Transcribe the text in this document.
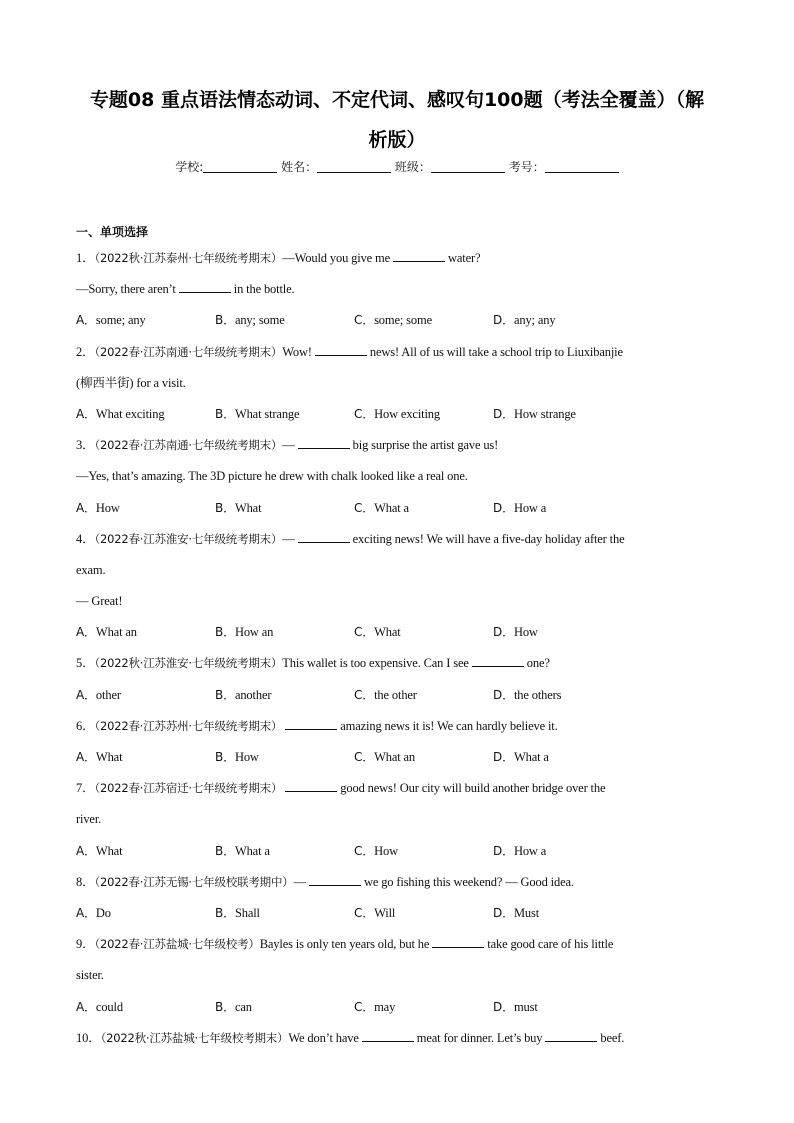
专题08 重点语法情态动词、不定代词、感叹句100题（考法全覆盖）（解
析版）
学校:	姓名：	班级：	考号：
一、单项选择
1．（2022秋·江苏泰州·七年级统考期末）—Would you give me	water?
—Sorry, there aren’t	in the bottle.
A．some; any	B．any; some	C．some; some	D．any; any
2．（2022春·江苏南通·七年级统考期末）Wow!	news! All of us will take a school trip to Liuxibanjie
(柳西半街) for a visit.
A．What exciting	B．What strange	C．How exciting	D．How strange
3．（2022春·江苏南通·七年级统考期末）—	big surprise the artist gave us!
—Yes, that’s amazing. The 3D picture he drew with chalk looked like a real one.
A．How	B．What	C．What a	D．How a
4．（2022春·江苏淮安·七年级统考期末）—	exciting news! We will have a five-day holiday after the
exam.
— Great!
A．What an	B．How an	C．What	D．How
5．（2022秋·江苏淮安·七年级统考期末）This wallet is too expensive. Can I see	one?
A．other	B．another	C．the other	D．the others
6．（2022春·江苏苏州·七年级统考期末）	amazing news it is! We can hardly believe it.
A．What	B．How	C．What an	D．What a
7．（2022春·江苏宿迁·七年级统考期末）	good news! Our city will build another bridge over the
river.
A．What	B．What a	C．How	D．How a
8．（2022春·江苏无锡·七年级校联考期中）—	we go fishing this weekend? — Good idea.
A．Do	B．Shall	C．Will	D．Must
9．（2022春·江苏盐城·七年级校考）Bayles is only ten years old, but he	take good care of his little
sister.
A．could	B．can	C．may	D．must
10．（2022秋·江苏盐城·七年级校考期末）We don’t have	meat for dinner. Let’s buy	beef.
